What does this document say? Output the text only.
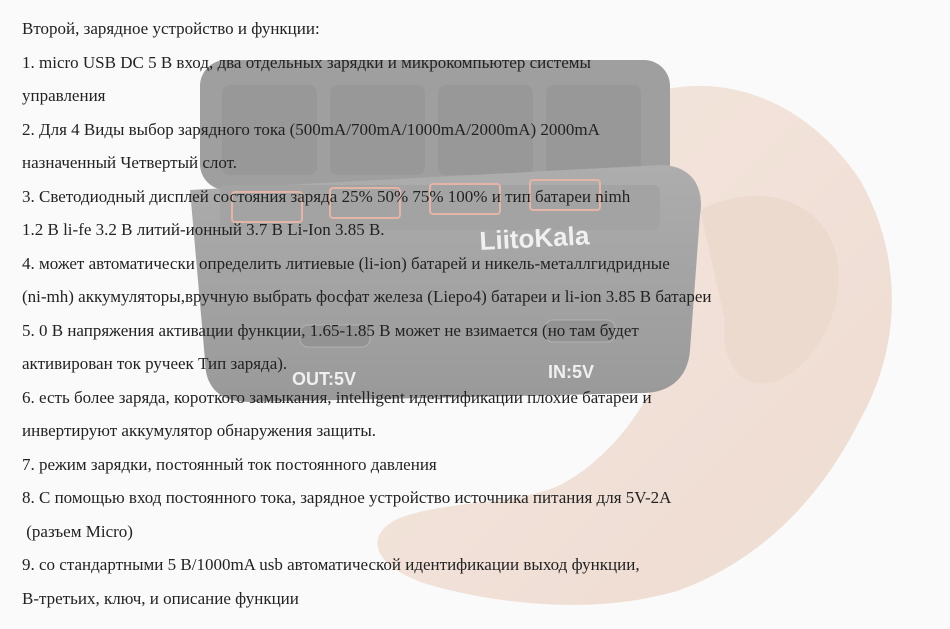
Второй, зарядное устройство и функции:
1. micro USB DC 5 В вход, два отдельных зарядки и микрокомпьютер системы
управления
2. Для 4 Виды выбор зарядного тока (500mA/700mA/1000mA/2000mA) 2000mA
назначенный Четвертый слот.
3. Светодиодный дисплей состояния заряда 25% 50% 75% 100% и тип батареи nimh
1.2 В li-fe 3.2 В литий-ионный 3.7 В Li-Ion 3.85 В.
4. может автоматически определить литиевые (li-ion) батарей и никель-металлгидридные
(ni-mh) аккумуляторы,вручную выбрать фосфат железа (Liepo4) батареи и li-ion 3.85 В батареи
5. 0 В напряжения активации функции, 1.65-1.85 В может не взимается (но там будет
активирован ток ручеек Тип заряда).
6. есть более заряда, короткого замыкания, intelligent идентификации плохие батареи и
инвертируют аккумулятор обнаружения защиты.
7. режим зарядки, постоянный ток постоянного давления
8. С помощью вход постоянного тока, зарядное устройство источника питания для 5V-2A
(разъем Micro)
9. со стандартными 5 В/1000mA usb автоматической идентификации выход функции,
В-третьих, ключ, и описание функции
